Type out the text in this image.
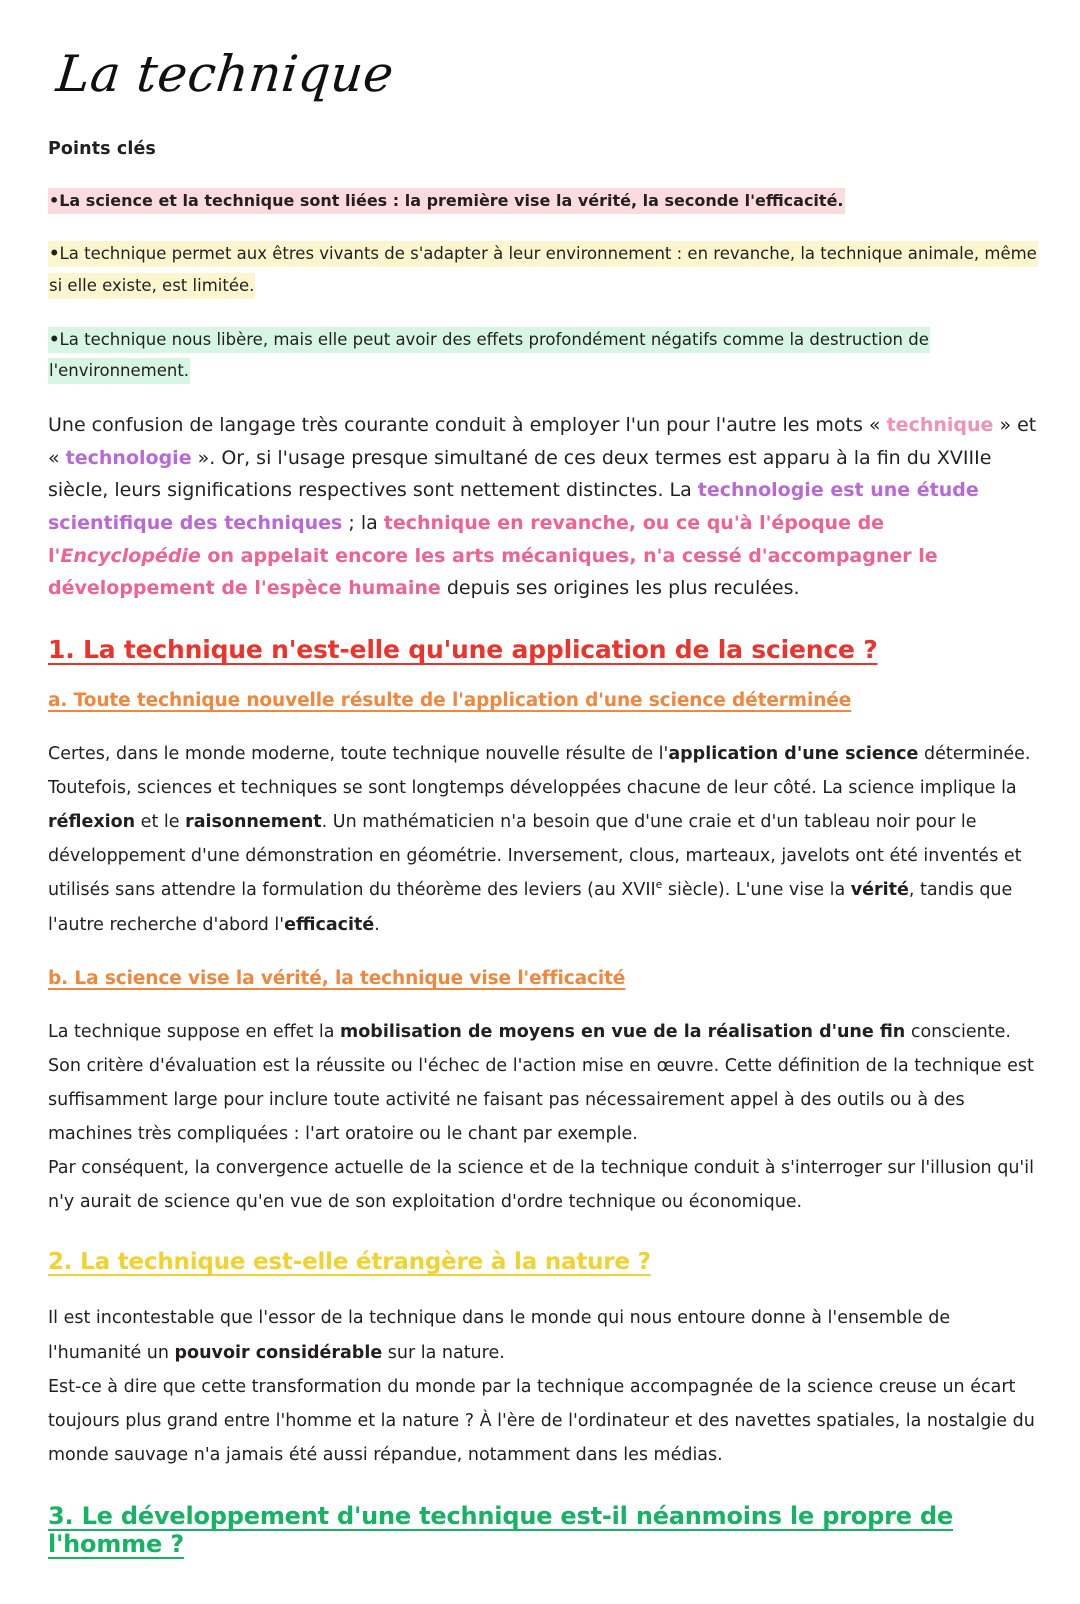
La technique
Points clés
•La science et la technique sont liées : la première vise la vérité, la seconde l'efficacité.
•La technique permet aux êtres vivants de s'adapter à leur environnement : en revanche, la technique animale, même si elle existe, est limitée.
•La technique nous libère, mais elle peut avoir des effets profondément négatifs comme la destruction de l'environnement.

Une confusion de langage très courante conduit à employer l'un pour l'autre les mots « technique » et « technologie ». Or, si l'usage presque simultané de ces deux termes est apparu à la fin du XVIIIe siècle, leurs significations respectives sont nettement distinctes. La technologie est une étude scientifique des techniques ; la technique en revanche, ou ce qu'à l'époque de l'Encyclopédie on appelait encore les arts mécaniques, n'a cessé d'accompagner le développement de l'espèce humaine depuis ses origines les plus reculées.

1. La technique n'est-elle qu'une application de la science ?
a. Toute technique nouvelle résulte de l'application d'une science déterminée

Certes, dans le monde moderne, toute technique nouvelle résulte de l'application d'une science déterminée. Toutefois, sciences et techniques se sont longtemps développées chacune de leur côté. La science implique la réflexion et le raisonnement. Un mathématicien n'a besoin que d'une craie et d'un tableau noir pour le développement d'une démonstration en géométrie. Inversement, clous, marteaux, javelots ont été inventés et utilisés sans attendre la formulation du théorème des leviers (au XVIIe siècle). L'une vise la vérité, tandis que l'autre recherche d'abord l'efficacité.

b. La science vise la vérité, la technique vise l'efficacité

La technique suppose en effet la mobilisation de moyens en vue de la réalisation d'une fin consciente. Son critère d'évaluation est la réussite ou l'échec de l'action mise en œuvre. Cette définition de la technique est suffisamment large pour inclure toute activité ne faisant pas nécessairement appel à des outils ou à des machines très compliquées : l'art oratoire ou le chant par exemple.
Par conséquent, la convergence actuelle de la science et de la technique conduit à s'interroger sur l'illusion qu'il n'y aurait de science qu'en vue de son exploitation d'ordre technique ou économique.

2. La technique est-elle étrangère à la nature ?

Il est incontestable que l'essor de la technique dans le monde qui nous entoure donne à l'ensemble de l'humanité un pouvoir considérable sur la nature.
Est-ce à dire que cette transformation du monde par la technique accompagnée de la science creuse un écart toujours plus grand entre l'homme et la nature ? À l'ère de l'ordinateur et des navettes spatiales, la nostalgie du monde sauvage n'a jamais été aussi répandue, notamment dans les médias.

3. Le développement d'une technique est-il néanmoins le propre de l'homme ?
